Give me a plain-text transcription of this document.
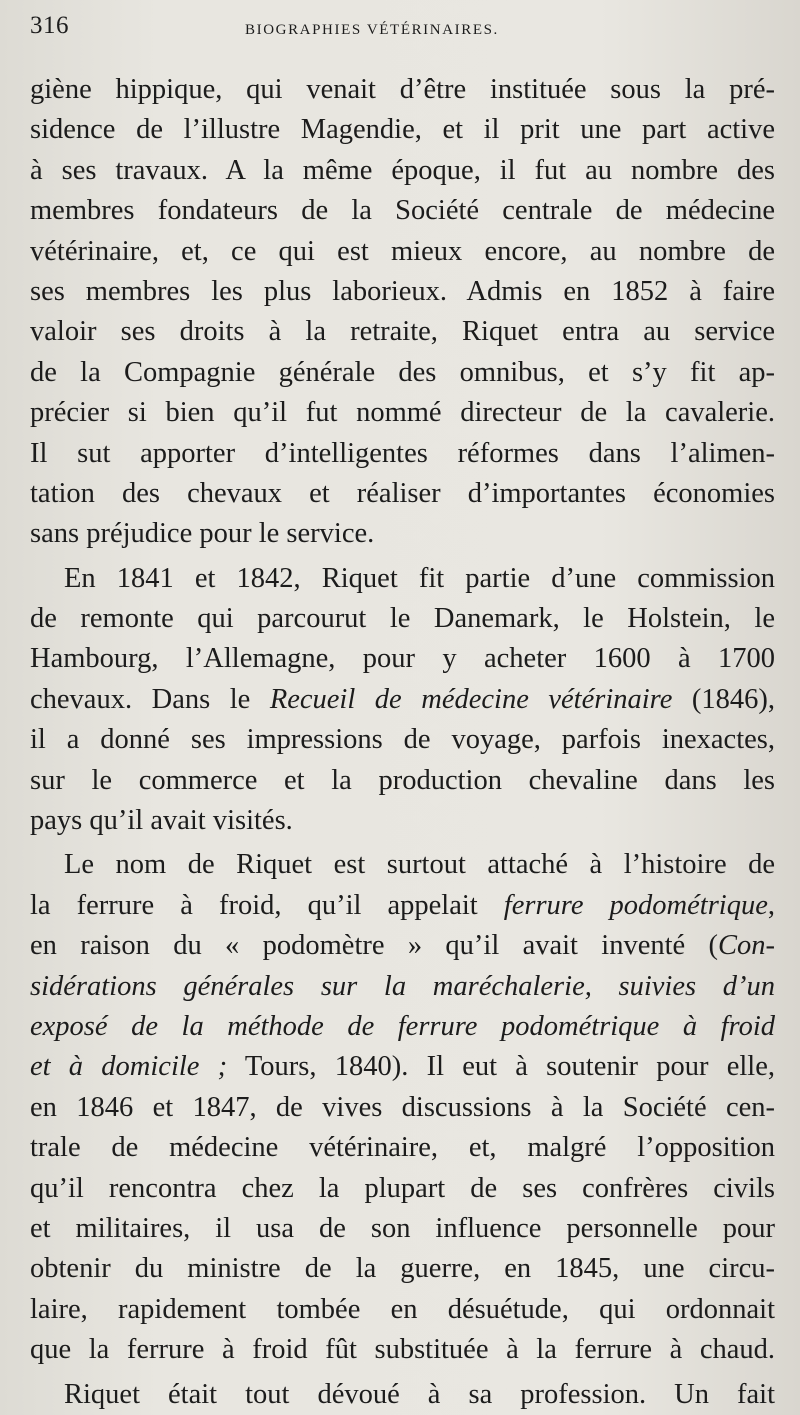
316	BIOGRAPHIES VÉTÉRINAIRES.
giène hippique, qui venait d’être instituée sous la pré-
sidence de l’illustre Magendie, et il prit une part active
à ses travaux. A la même époque, il fut au nombre des
membres fondateurs de la Société centrale de médecine
vétérinaire, et, ce qui est mieux encore, au nombre de
ses membres les plus laborieux. Admis en 1852 à faire
valoir ses droits à la retraite, Riquet entra au service
de la Compagnie générale des omnibus, et s’y fit ap-
précier si bien qu’il fut nommé directeur de la cavalerie.
Il sut apporter d’intelligentes réformes dans l’alimen-
tation des chevaux et réaliser d’importantes économies
sans préjudice pour le service.
En 1841 et 1842, Riquet fit partie d’une commission
de remonte qui parcourut le Danemark, le Holstein, le
Hambourg, l’Allemagne, pour y acheter 1600 à 1700
chevaux. Dans le Recueil de médecine vétérinaire (1846),
il a donné ses impressions de voyage, parfois inexactes,
sur le commerce et la production chevaline dans les
pays qu’il avait visités.
Le nom de Riquet est surtout attaché à l’histoire de
la ferrure à froid, qu’il appelait ferrure podométrique,
en raison du « podomètre » qu’il avait inventé (Con-
sidérations générales sur la maréchalerie, suivies d’un
exposé de la méthode de ferrure podométrique à froid
et à domicile ; Tours, 1840). Il eut à soutenir pour elle,
en 1846 et 1847, de vives discussions à la Société cen-
trale de médecine vétérinaire, et, malgré l’opposition
qu’il rencontra chez la plupart de ses confrères civils
et militaires, il usa de son influence personnelle pour
obtenir du ministre de la guerre, en 1845, une circu-
laire, rapidement tombée en désuétude, qui ordonnait
que la ferrure à froid fût substituée à la ferrure à chaud.
Riquet était tout dévoué à sa profession. Un fait
